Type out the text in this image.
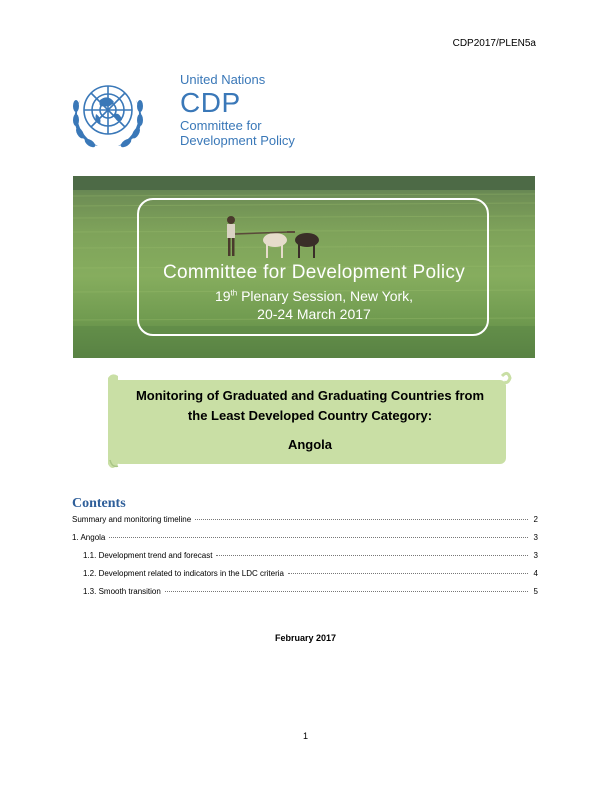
CDP2017/PLEN5a
United Nations
CDP
Committee for
Development Policy
Committee for Development Policy
19th Plenary Session, New York,
20-24 March 2017
Monitoring of Graduated and Graduating Countries from
the Least Developed Country Category:
Angola
Contents
Summary and monitoring timeline	2
1. Angola	3
1.1. Development trend and forecast	3
1.2. Development related to indicators in the LDC criteria	4
1.3. Smooth transition	5
February 2017
1
